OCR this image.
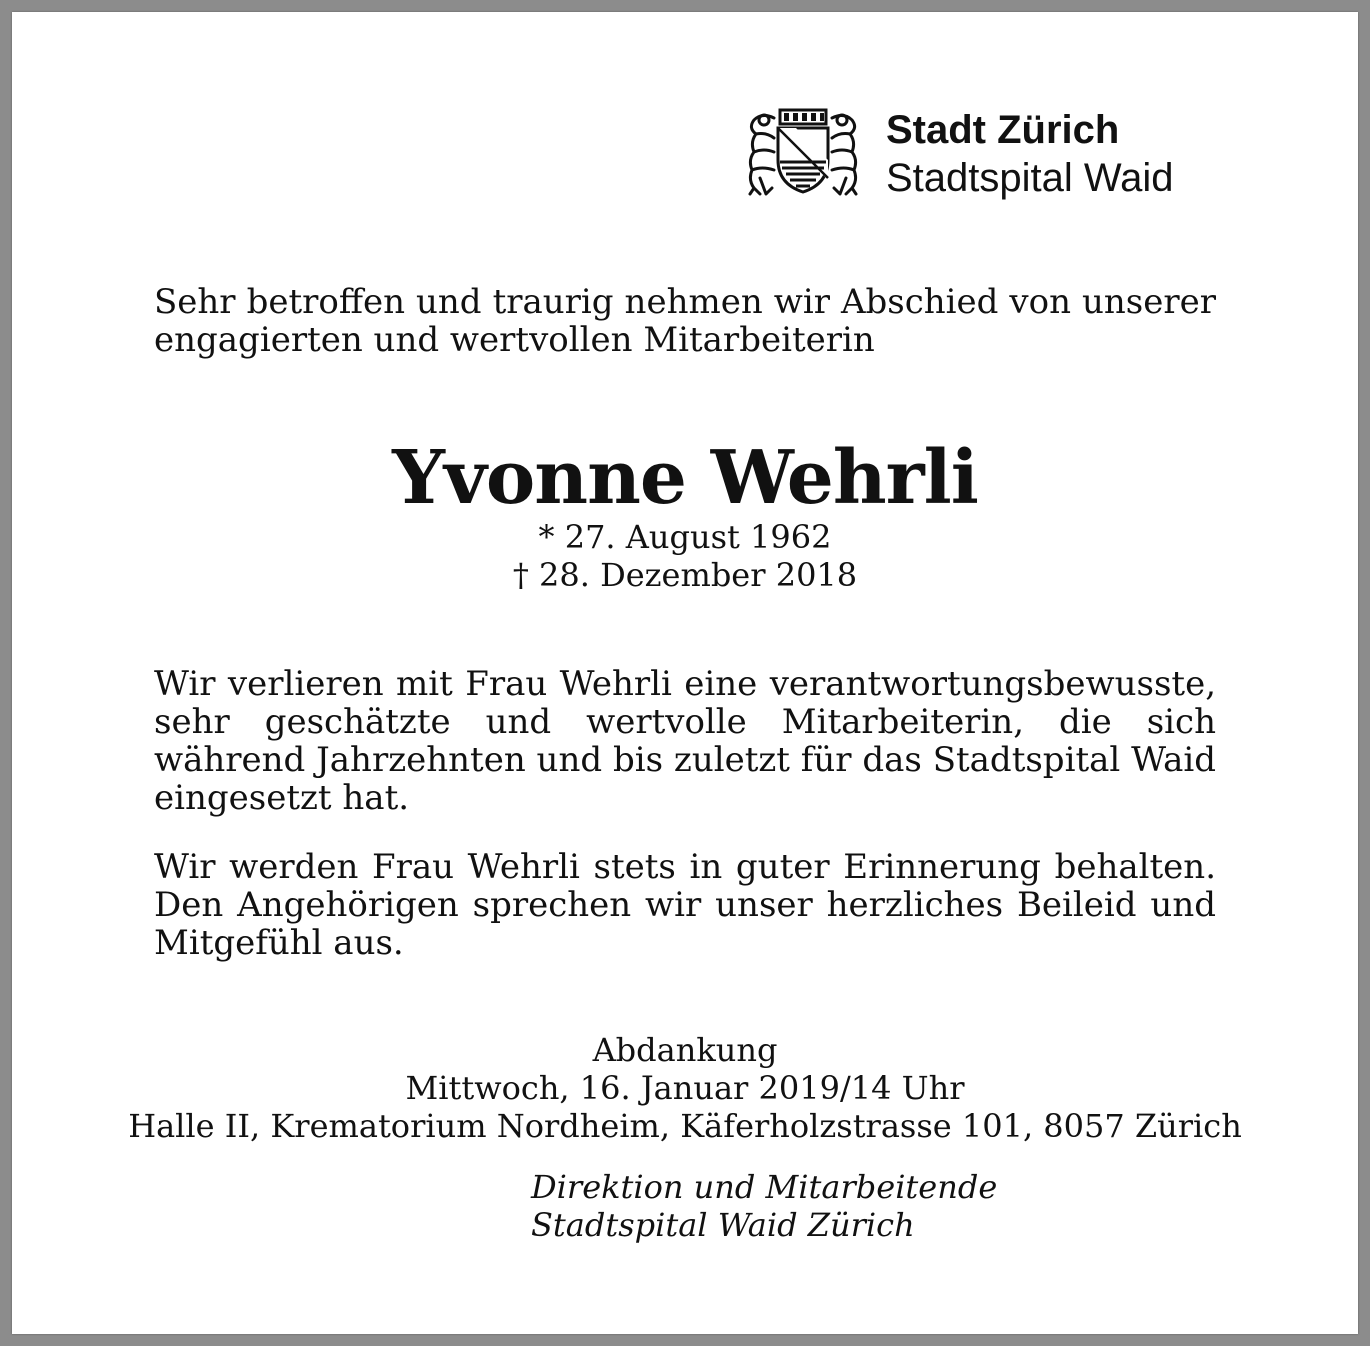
Stadt Zürich
Stadtspital Waid
Sehr betroffen und traurig nehmen wir Abschied von unserer engagierten und wertvollen Mitarbeiterin
Yvonne Wehrli
* 27. August 1962
† 28. Dezember 2018
Wir verlieren mit Frau Wehrli eine verantwortungsbewusste, sehr geschätzte und wertvolle Mitarbeiterin, die sich während Jahrzehnten und bis zuletzt für das Stadtspital Waid eingesetzt hat.
Wir werden Frau Wehrli stets in guter Erinnerung behalten. Den Angehörigen sprechen wir unser herzliches Beileid und Mitgefühl aus.
Abdankung
Mittwoch, 16. Januar 2019/14 Uhr
Halle II, Krematorium Nordheim, Käferholzstrasse 101, 8057 Zürich
Direktion und Mitarbeitende
Stadtspital Waid Zürich
